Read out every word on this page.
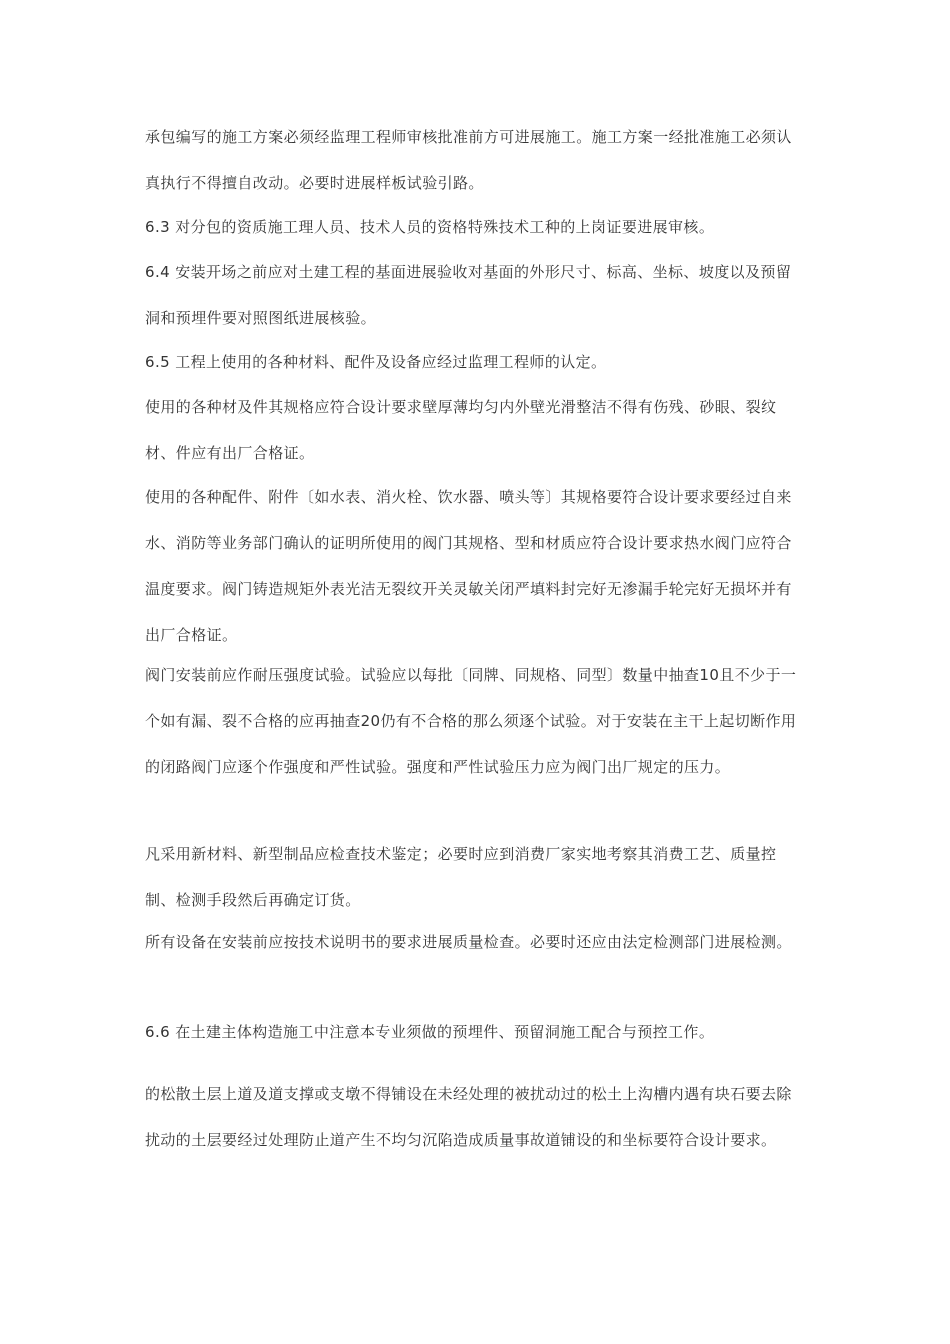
承包编写的施工方案必须经监理工程师审核批准前方可进展施工。施工方案一经批准施工必须认真执行不得擅自改动。必要时进展样板试验引路。

6.3 对分包的资质施工理人员、技术人员的资格特殊技术工种的上岗证要进展审核。

6.4 安装开场之前应对土建工程的基面进展验收对基面的外形尺寸、标高、坐标、坡度以及预留洞和预埋件要对照图纸进展核验。

6.5 工程上使用的各种材料、配件及设备应经过监理工程师的认定。

使用的各种材及件其规格应符合设计要求壁厚薄均匀内外壁光滑整洁不得有伤残、砂眼、裂纹材、件应有出厂合格证。

使用的各种配件、附件〔如水表、消火栓、饮水器、喷头等〕其规格要符合设计要求要经过自来水、消防等业务部门确认的证明所使用的阀门其规格、型和材质应符合设计要求热水阀门应符合温度要求。阀门铸造规矩外表光洁无裂纹开关灵敏关闭严填料封完好无渗漏手轮完好无损坏并有出厂合格证。

阀门安装前应作耐压强度试验。试验应以每批〔同牌、同规格、同型〕数量中抽查10且不少于一个如有漏、裂不合格的应再抽查20仍有不合格的那么须逐个试验。对于安装在主干上起切断作用的闭路阀门应逐个作强度和严性试验。强度和严性试验压力应为阀门出厂规定的压力。

凡采用新材料、新型制品应检查技术鉴定；必要时应到消费厂家实地考察其消费工艺、质量控制、检测手段然后再确定订货。

所有设备在安装前应按技术说明书的要求进展质量检查。必要时还应由法定检测部门进展检测。

6.6 在土建主体构造施工中注意本专业须做的预埋件、预留洞施工配合与预控工作。

的松散土层上道及道支撑或支墩不得铺设在未经处理的被扰动过的松土上沟槽内遇有块石要去除扰动的土层要经过处理防止道产生不均匀沉陷造成质量事故道铺设的和坐标要符合设计要求。
